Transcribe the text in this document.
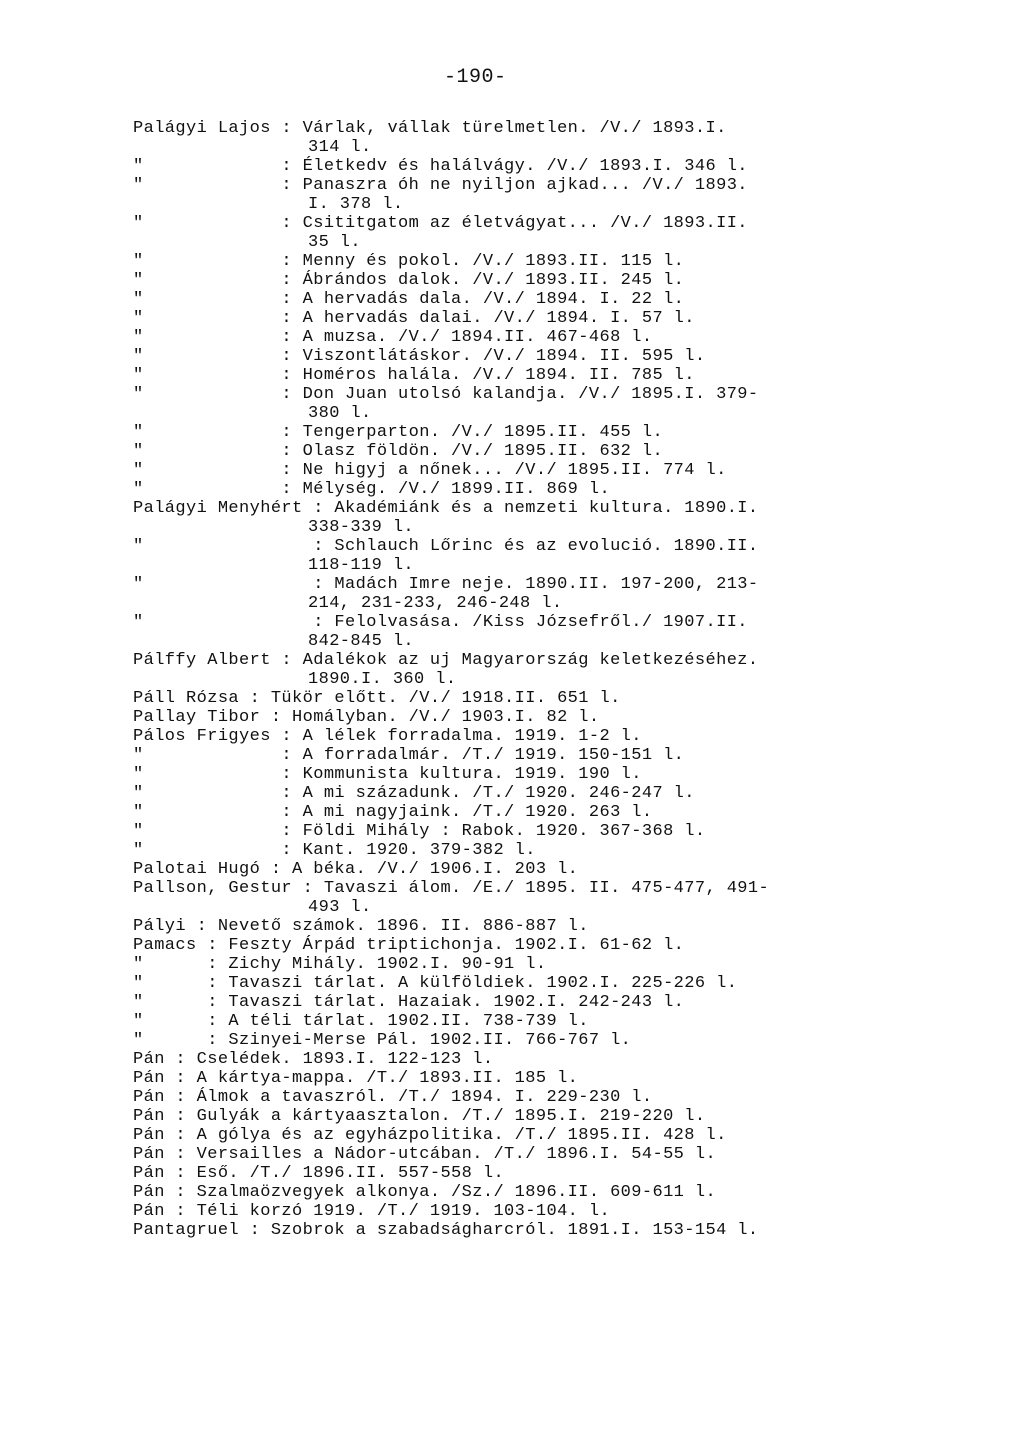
-190-
Palágyi Lajos : Várlak, vállak türelmetlen. /V./ 1893.I.
314 l.
"             : Életkedv és halálvágy. /V./ 1893.I. 346 l.
"             : Panaszra óh ne nyiljon ajkad... /V./ 1893.
I. 378 l.
"             : Csititgatom az életvágyat... /V./ 1893.II.
35 l.
"             : Menny és pokol. /V./ 1893.II. 115 l.
"             : Ábrándos dalok. /V./ 1893.II. 245 l.
"             : A hervadás dala. /V./ 1894. I. 22 l.
"             : A hervadás dalai. /V./ 1894. I. 57 l.
"             : A muzsa. /V./ 1894.II. 467-468 l.
"             : Viszontlátáskor. /V./ 1894. II. 595 l.
"             : Homéros halála. /V./ 1894. II. 785 l.
"             : Don Juan utolsó kalandja. /V./ 1895.I. 379-
380 l.
"             : Tengerparton. /V./ 1895.II. 455 l.
"             : Olasz földön. /V./ 1895.II. 632 l.
"             : Ne higyj a nőnek... /V./ 1895.II. 774 l.
"             : Mélység. /V./ 1899.II. 869 l.
Palágyi Menyhért : Akadémiánk és a nemzeti kultura. 1890.I.
338-339 l.
"                : Schlauch Lőrinc és az evolució. 1890.II.
118-119 l.
"                : Madách Imre neje. 1890.II. 197-200, 213-
214, 231-233, 246-248 l.
"                : Felolvasása. /Kiss Józsefről./ 1907.II.
842-845 l.
Pálffy Albert : Adalékok az uj Magyarország keletkezéséhez.
1890.I. 360 l.
Páll Rózsa : Tükör előtt. /V./ 1918.II. 651 l.
Pallay Tibor : Homályban. /V./ 1903.I. 82 l.
Pálos Frigyes : A lélek forradalma. 1919. 1-2 l.
"             : A forradalmár. /T./ 1919. 150-151 l.
"             : Kommunista kultura. 1919. 190 l.
"             : A mi századunk. /T./ 1920. 246-247 l.
"             : A mi nagyjaink. /T./ 1920. 263 l.
"             : Földi Mihály : Rabok. 1920. 367-368 l.
"             : Kant. 1920. 379-382 l.
Palotai Hugó : A béka. /V./ 1906.I. 203 l.
Pallson, Gestur : Tavaszi álom. /E./ 1895. II. 475-477, 491-
493 l.
Pályi : Nevető számok. 1896. II. 886-887 l.
Pamacs : Feszty Árpád triptichonja. 1902.I. 61-62 l.
"      : Zichy Mihály. 1902.I. 90-91 l.
"      : Tavaszi tárlat. A külföldiek. 1902.I. 225-226 l.
"      : Tavaszi tárlat. Hazaiak. 1902.I. 242-243 l.
"      : A téli tárlat. 1902.II. 738-739 l.
"      : Szinyei-Merse Pál. 1902.II. 766-767 l.
Pán : Cselédek. 1893.I. 122-123 l.
Pán : A kártya-mappa. /T./ 1893.II. 185 l.
Pán : Álmok a tavaszról. /T./ 1894. I. 229-230 l.
Pán : Gulyák a kártyaasztalon. /T./ 1895.I. 219-220 l.
Pán : A gólya és az egyházpolitika. /T./ 1895.II. 428 l.
Pán : Versailles a Nádor-utcában. /T./ 1896.I. 54-55 l.
Pán : Eső. /T./ 1896.II. 557-558 l.
Pán : Szalmaözvegyek alkonya. /Sz./ 1896.II. 609-611 l.
Pán : Téli korzó 1919. /T./ 1919. 103-104. l.
Pantagruel : Szobrok a szabadságharcról. 1891.I. 153-154 l.
